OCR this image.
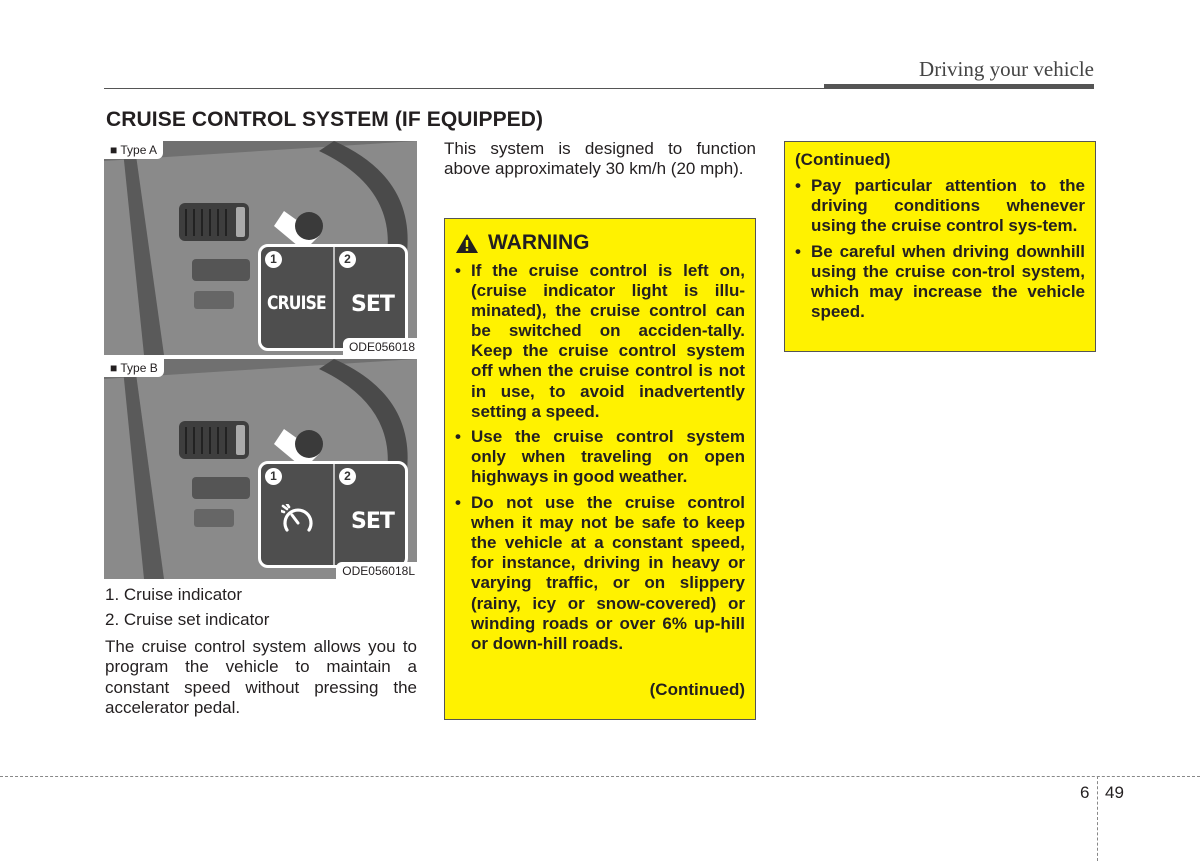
Driving your vehicle
CRUISE CONTROL SYSTEM (IF EQUIPPED)
1	2
CRUISE SET
■ Type A
ODE056018
1	2
SET
■ Type B
ODE056018L
1. Cruise indicator
2. Cruise set indicator
The cruise control system allows you to program the vehicle to maintain a constant speed without pressing the accelerator pedal.
This system is designed to function above approximately 30 km/h (20 mph).
WARNING
• If the cruise control is left on, (cruise indicator light is illu-minated), the cruise control can be switched on acciden-tally. Keep the cruise control system off when the cruise control is not in use, to avoid inadvertently setting a speed.
• Use the cruise control system only when traveling on open highways in good weather.
• Do not use the cruise control when it may not be safe to keep the vehicle at a constant speed, for instance, driving in heavy or varying traffic, or on slippery (rainy, icy or snow-covered) or winding roads or over 6% up-hill or down-hill roads.
(Continued)
(Continued)
• Pay particular attention to the driving conditions whenever using the cruise control sys-tem.
• Be careful when driving downhill using the cruise con-trol system, which may increase the vehicle speed.
6 49
